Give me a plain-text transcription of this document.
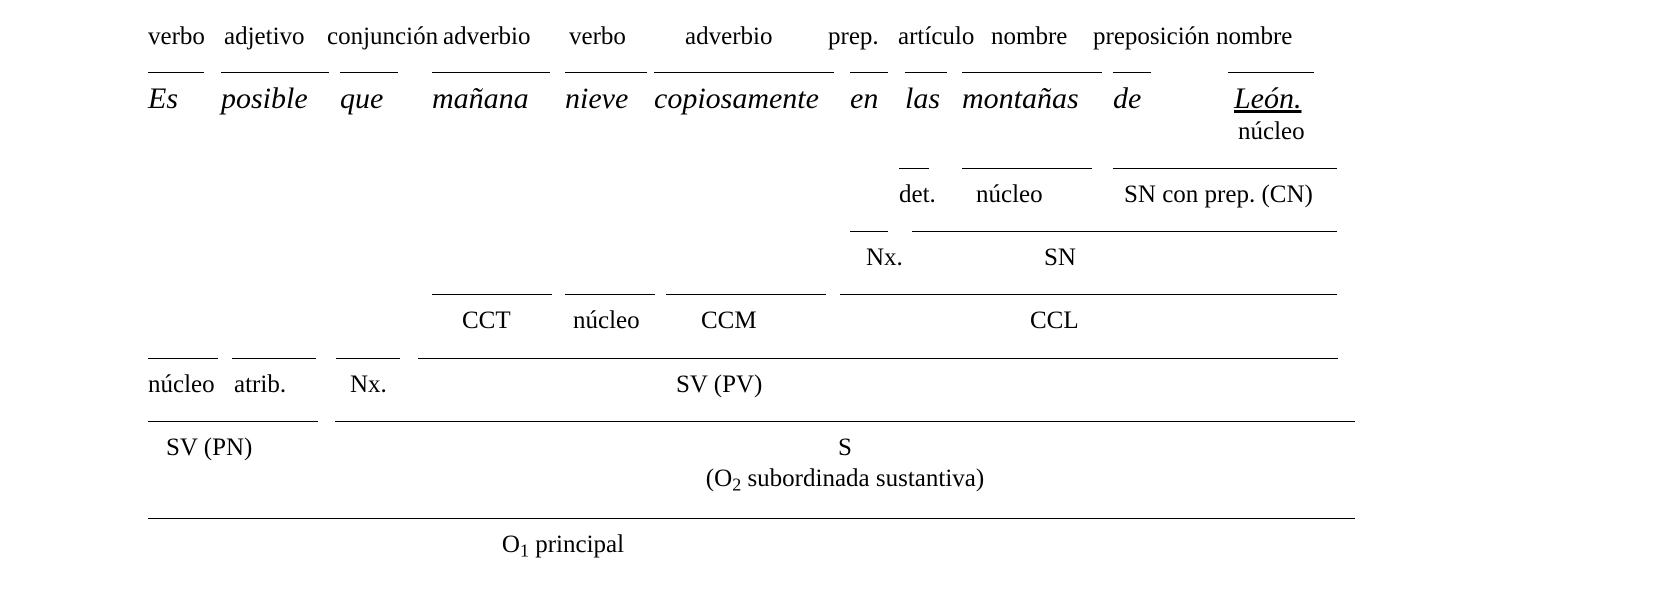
verbo adjetivo conjunción adverbio verbo adverbio prep. artículo nombre preposición nombre
Es posible que mañana nieve copiosamente en las montañas de	León.
núcleo
det. núcleo	SN con prep. (CN)
Nx.	SN
CCT núcleo CCM	CCL
núcleo atrib.	Nx.	SV (PV)
SV (PN)	S
($O_2$ subordinada sustantiva)
$O_1$ principal
